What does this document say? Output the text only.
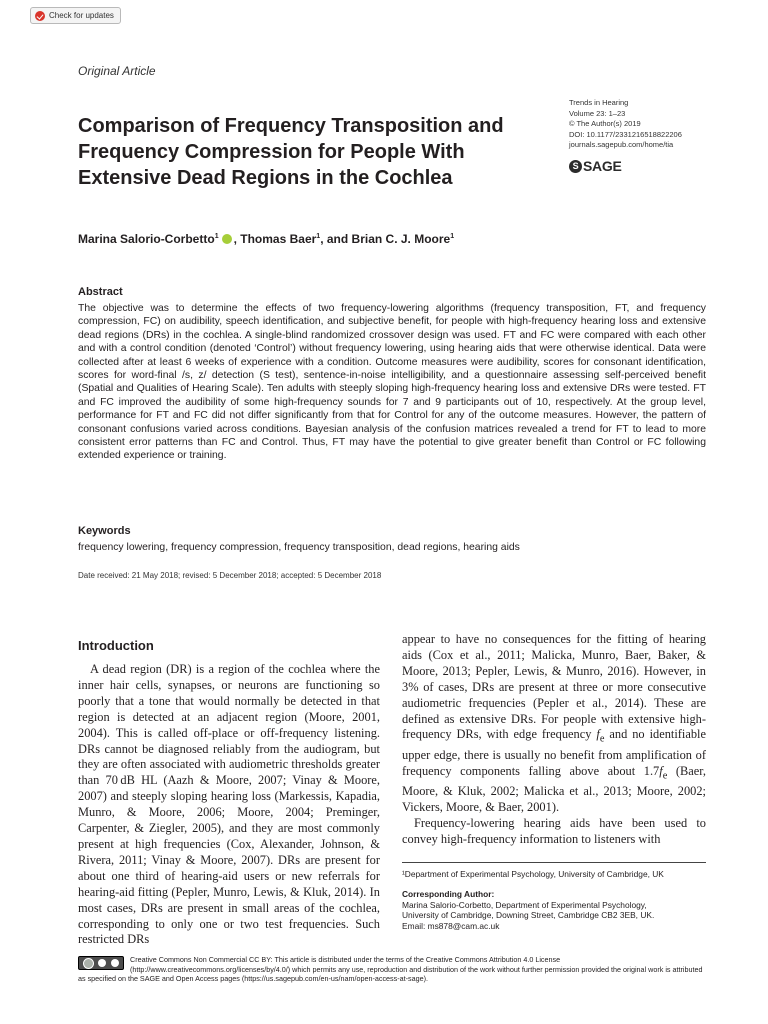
Check for updates
Original Article
Trends in Hearing
Volume 23: 1–23
© The Author(s) 2019
DOI: 10.1177/2331216518822206
journals.sagepub.com/home/tia
S SAGE
Comparison of Frequency Transposition and Frequency Compression for People With Extensive Dead Regions in the Cochlea
Marina Salorio-Corbetto$^1$ , Thomas Baer$^1$, and Brian C. J. Moore$^1$
Abstract

The objective was to determine the effects of two frequency-lowering algorithms (frequency transposition, FT, and frequency compression, FC) on audibility, speech identification, and subjective benefit, for people with high-frequency hearing loss and extensive dead regions (DRs) in the cochlea. A single-blind randomized crossover design was used. FT and FC were compared with each other and with a control condition (denoted ‘Control’) without frequency lowering, using hearing aids that were otherwise identical. Data were collected after at least 6 weeks of experience with a condition. Outcome measures were audibility, scores for consonant identification, scores for word-final /s, z/ detection (S test), sentence-in-noise intelligibility, and a questionnaire assessing self-perceived benefit (Spatial and Qualities of Hearing Scale). Ten adults with steeply sloping high-frequency hearing loss and extensive DRs were tested. FT and FC improved the audibility of some high-frequency sounds for 7 and 9 participants out of 10, respectively. At the group level, performance for FT and FC did not differ significantly from that for Control for any of the outcome measures. However, the pattern of consonant confusions varied across conditions. Bayesian analysis of the confusion matrices revealed a trend for FT to lead to more consistent error patterns than FC and Control. Thus, FT may have the potential to give greater benefit than Control or FC following extended experience or training.

Keywords
frequency lowering, frequency compression, frequency transposition, dead regions, hearing aids
Date received: 21 May 2018; revised: 5 December 2018; accepted: 5 December 2018
Introduction

A dead region (DR) is a region of the cochlea where the inner hair cells, synapses, or neurons are functioning so poorly that a tone that would normally be detected in that region is detected at an adjacent region (Moore, 2001, 2004). This is called off-place or off-frequency listening. DRs cannot be diagnosed reliably from the audiogram, but they are often associated with audiometric thresholds greater than 70 dB HL (Aazh & Moore, 2007; Vinay & Moore, 2007) and steeply sloping hearing loss (Markessis, Kapadia, Munro, & Moore, 2006; Moore, 2004; Preminger, Carpenter, & Ziegler, 2005), and they are most commonly present at high frequencies (Cox, Alexander, Johnson, & Rivera, 2011; Vinay & Moore, 2007). DRs are present for about one third of hearing-aid users or new referrals for hearing-aid fitting (Pepler, Munro, Lewis, & Kluk, 2014). In most cases, DRs are present in small areas of the cochlea, corresponding to only one or two test frequencies. Such restricted DRs

appear to have no consequences for the fitting of hearing aids (Cox et al., 2011; Malicka, Munro, Baer, Baker, & Moore, 2013; Pepler, Lewis, & Munro, 2016). However, in 3% of cases, DRs are present at three or more consecutive audiometric frequencies (Pepler et al., 2014). These are defined as extensive DRs. For people with extensive high-frequency DRs, with edge frequency $f_e$ and no identifiable upper edge, there is usually no benefit from amplification of frequency components falling above about $1.7f_e$ (Baer, Moore, & Kluk, 2002; Malicka et al., 2013; Moore, 2002; Vickers, Moore, & Baer, 2001).

Frequency-lowering hearing aids have been used to convey high-frequency information to listeners with

¹Department of Experimental Psychology, University of Cambridge, UK
Corresponding Author:
Marina Salorio-Corbetto, Department of Experimental Psychology,
University of Cambridge, Downing Street, Cambridge CB2 3EB, UK.
Email: ms878@cam.ac.uk
Creative Commons Non Commercial CC BY: This article is distributed under the terms of the Creative Commons Attribution 4.0 License (http://www.creativecommons.org/licenses/by/4.0/) which permits any use, reproduction and distribution of the work without further permission provided the original work is attributed as specified on the SAGE and Open Access pages (https://us.sagepub.com/en-us/nam/open-access-at-sage).
